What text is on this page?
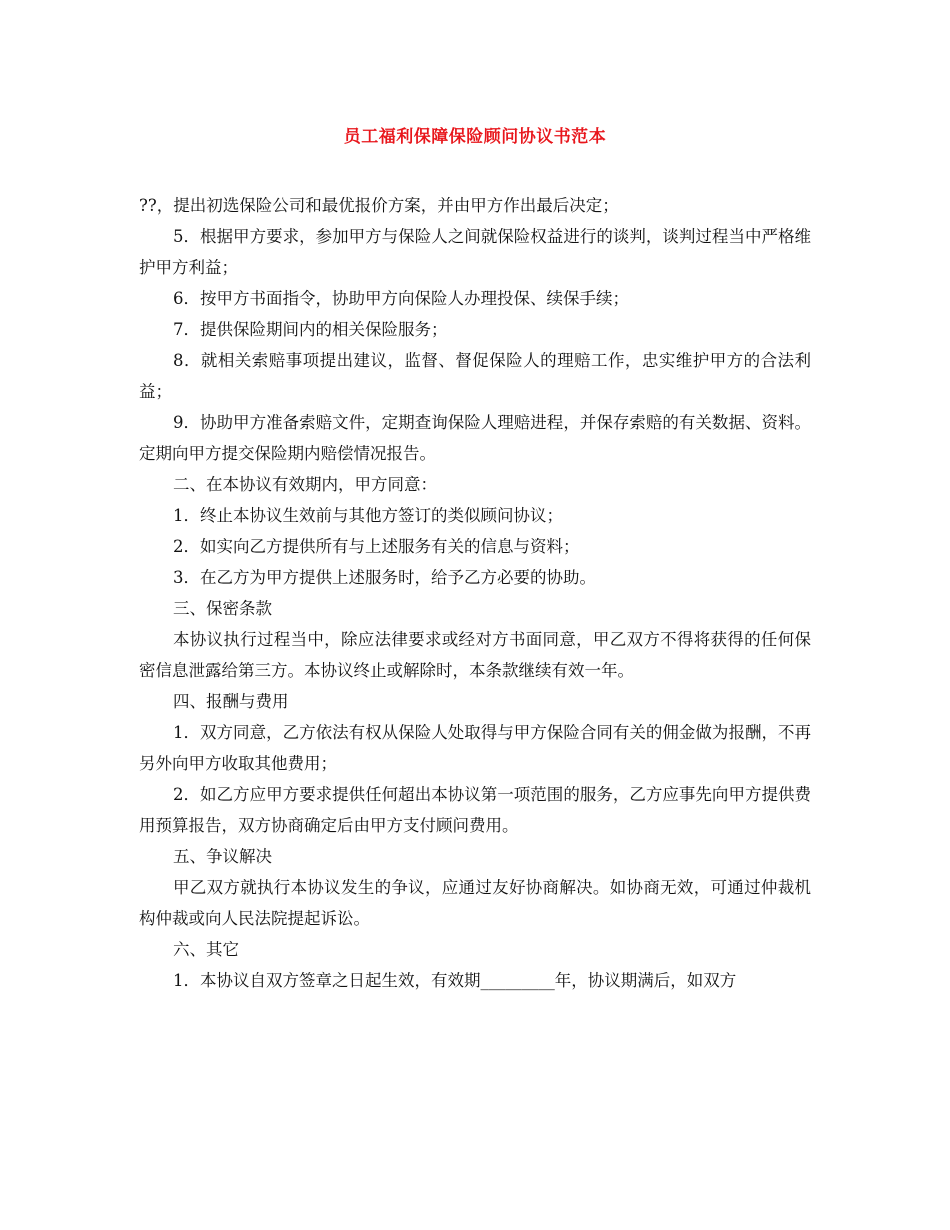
员工福利保障保险顾问协议书范本

??，提出初选保险公司和最优报价方案，并由甲方作出最后决定；

5．根据甲方要求，参加甲方与保险人之间就保险权益进行的谈判，谈判过程当中严格维护甲方利益；

6．按甲方书面指令，协助甲方向保险人办理投保、续保手续；

7．提供保险期间内的相关保险服务；

8．就相关索赔事项提出建议，监督、督促保险人的理赔工作，忠实维护甲方的合法利益；

9．协助甲方准备索赔文件，定期查询保险人理赔进程，并保存索赔的有关数据、资料。定期向甲方提交保险期内赔偿情况报告。

二、在本协议有效期内，甲方同意：

1．终止本协议生效前与其他方签订的类似顾问协议；

2．如实向乙方提供所有与上述服务有关的信息与资料；

3．在乙方为甲方提供上述服务时，给予乙方必要的协助。

三、保密条款

本协议执行过程当中，除应法律要求或经对方书面同意，甲乙双方不得将获得的任何保密信息泄露给第三方。本协议终止或解除时，本条款继续有效一年。

四、报酬与费用

1．双方同意，乙方依法有权从保险人处取得与甲方保险合同有关的佣金做为报酬，不再另外向甲方收取其他费用；

2．如乙方应甲方要求提供任何超出本协议第一项范围的服务，乙方应事先向甲方提供费用预算报告，双方协商确定后由甲方支付顾问费用。

五、争议解决

甲乙双方就执行本协议发生的争议，应通过友好协商解决。如协商无效，可通过仲裁机构仲裁或向人民法院提起诉讼。

六、其它

1．本协议自双方签章之日起生效，有效期_________年，协议期满后，如双方
